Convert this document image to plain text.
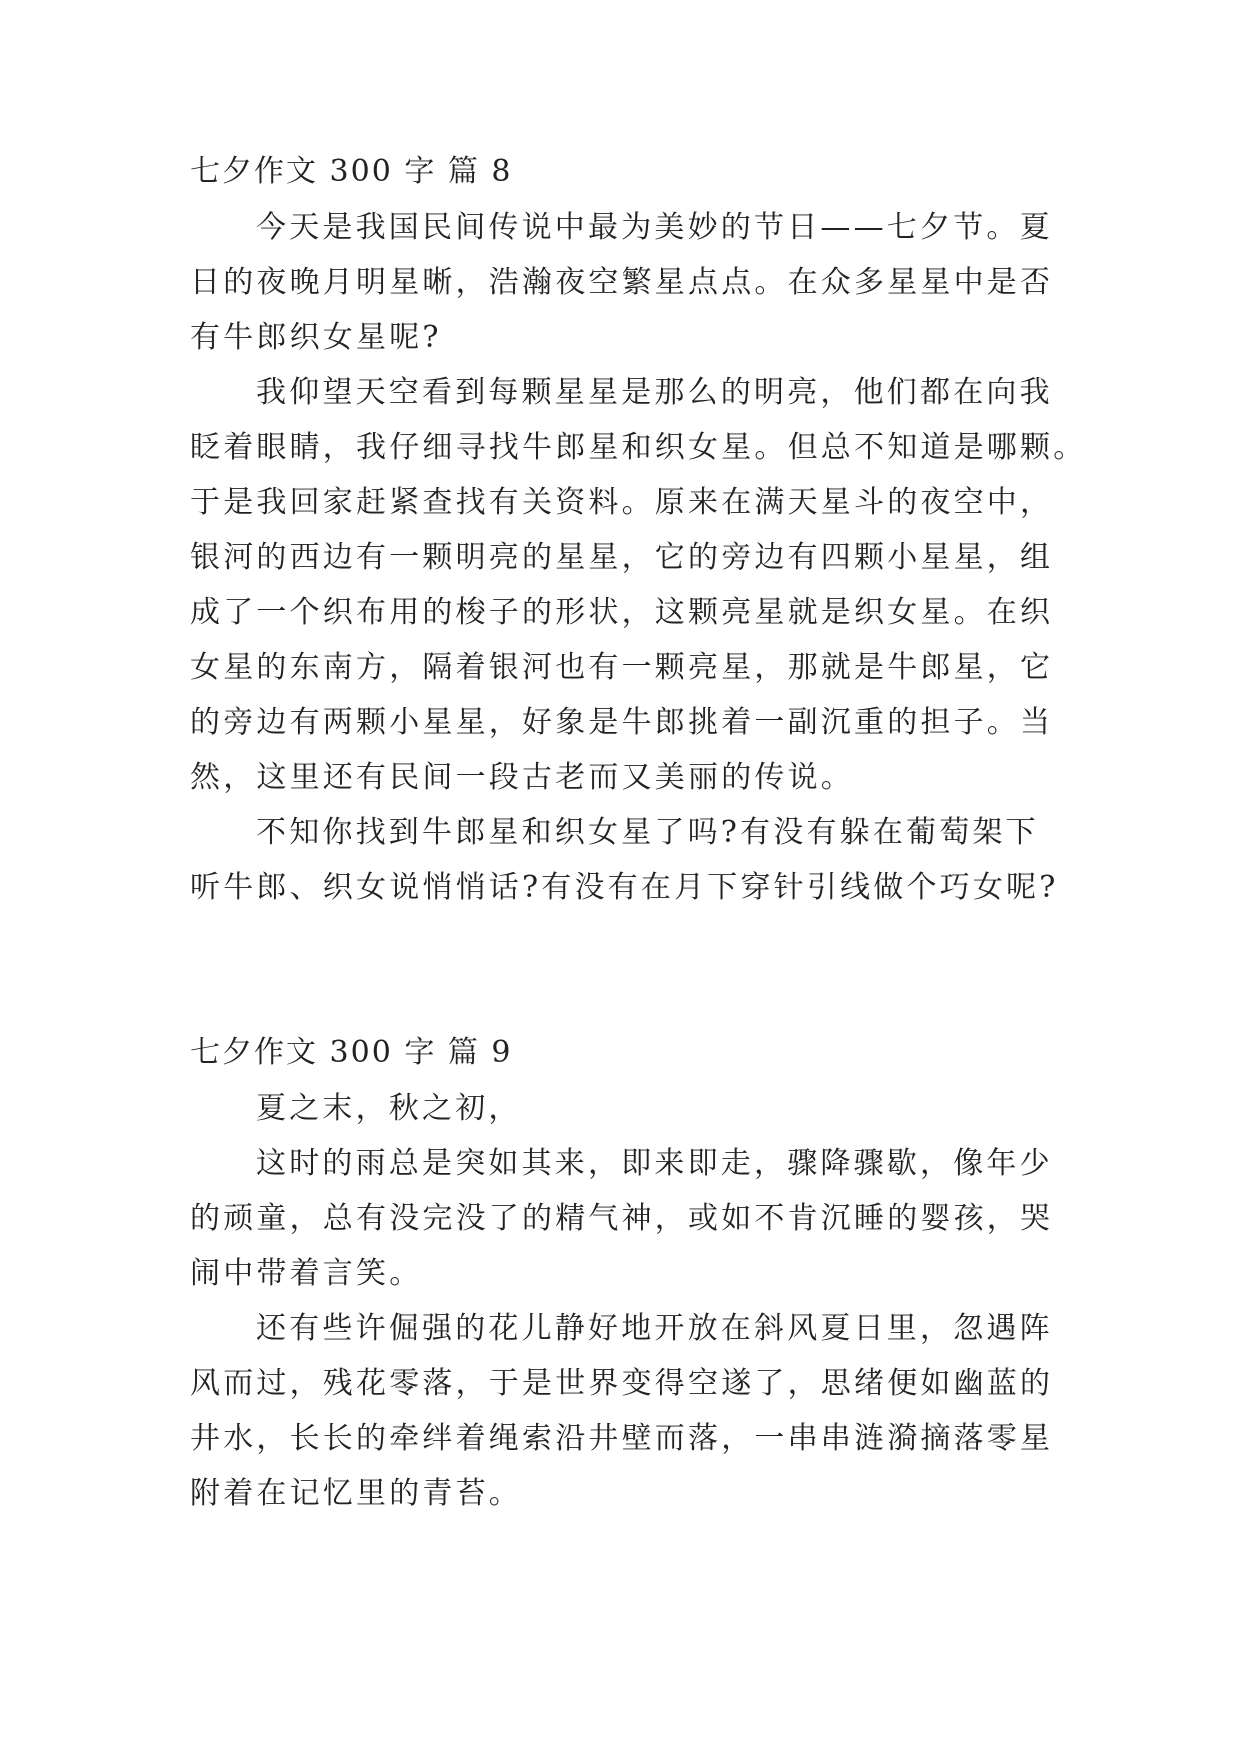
七夕作文 300 字 篇 8
今天是我国民间传说中最为美妙的节日——七夕节。夏
日的夜晚月明星晰，浩瀚夜空繁星点点。在众多星星中是否
有牛郎织女星呢?
我仰望天空看到每颗星星是那么的明亮，他们都在向我
眨着眼睛，我仔细寻找牛郎星和织女星。但总不知道是哪颗。
于是我回家赶紧查找有关资料。原来在满天星斗的夜空中，
银河的西边有一颗明亮的星星，它的旁边有四颗小星星，组
成了一个织布用的梭子的形状，这颗亮星就是织女星。在织
女星的东南方，隔着银河也有一颗亮星，那就是牛郎星，它
的旁边有两颗小星星，好象是牛郎挑着一副沉重的担子。当
然，这里还有民间一段古老而又美丽的传说。
不知你找到牛郎星和织女星了吗?有没有躲在葡萄架下
听牛郎、织女说悄悄话?有没有在月下穿针引线做个巧女呢?
七夕作文 300 字 篇 9
夏之末，秋之初，
这时的雨总是突如其来，即来即走，骤降骤歇，像年少
的顽童，总有没完没了的精气神，或如不肯沉睡的婴孩，哭
闹中带着言笑。
还有些许倔强的花儿静好地开放在斜风夏日里，忽遇阵
风而过，残花零落，于是世界变得空遂了，思绪便如幽蓝的
井水，长长的牵绊着绳索沿井壁而落，一串串涟漪摘落零星
附着在记忆里的青苔。
